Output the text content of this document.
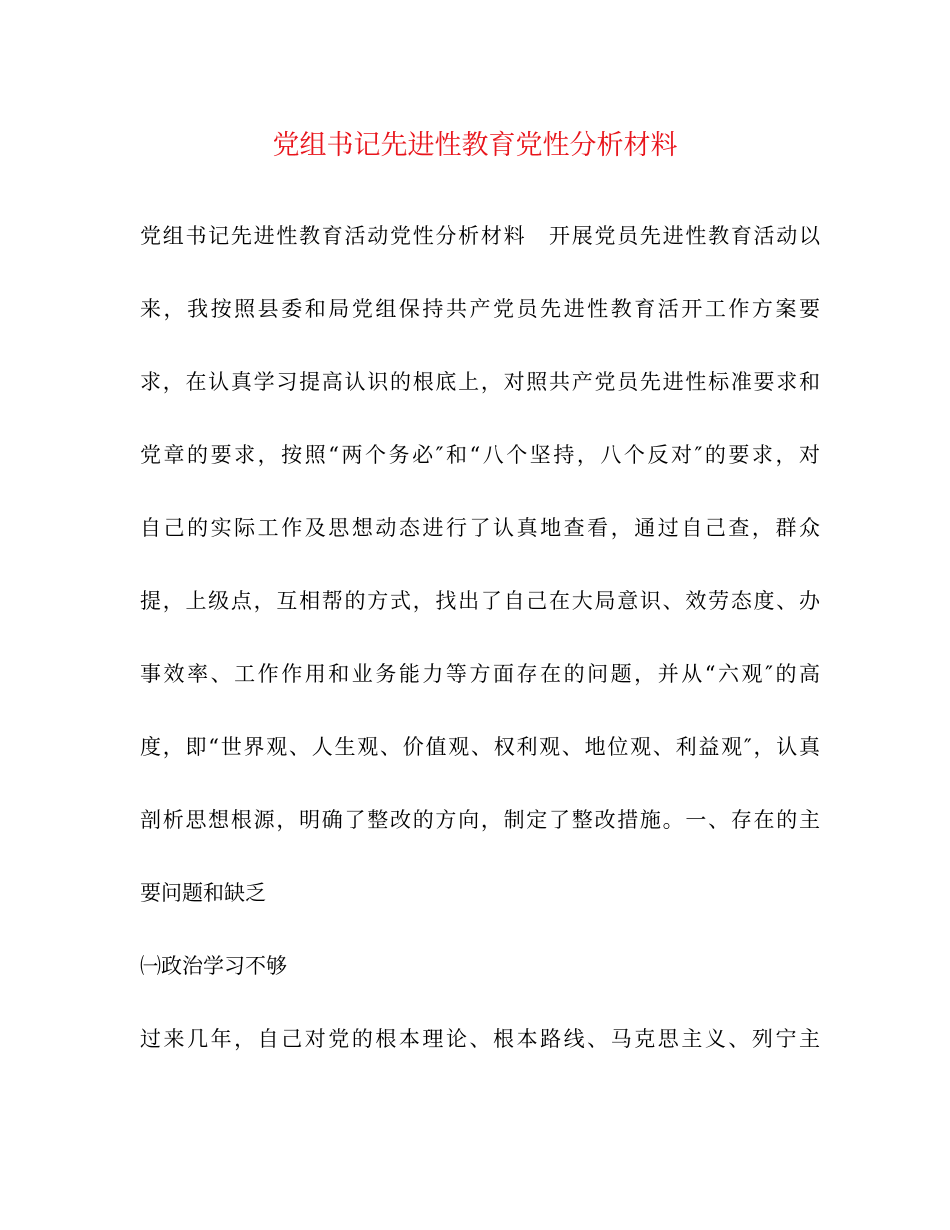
党组书记先进性教育党性分析材料

党组书记先进性教育活动党性分析材料　开展党员先进性教育活动以

来，我按照县委和局党组保持共产党员先进性教育活开工作方案要

求，在认真学习提高认识的根底上，对照共产党员先进性标准要求和

党章的要求，按照“两个务必″和“八个坚持，八个反对″的要求，对

自己的实际工作及思想动态进行了认真地查看，通过自己查，群众

提，上级点，互相帮的方式，找出了自己在大局意识、效劳态度、办

事效率、工作作用和业务能力等方面存在的问题，并从“六观″的高

度，即“世界观、人生观、价值观、权利观、地位观、利益观″，认真

剖析思想根源，明确了整改的方向，制定了整改措施。一、存在的主

要问题和缺乏

㈠政治学习不够

过来几年，自己对党的根本理论、根本路线、马克思主义、列宁主
